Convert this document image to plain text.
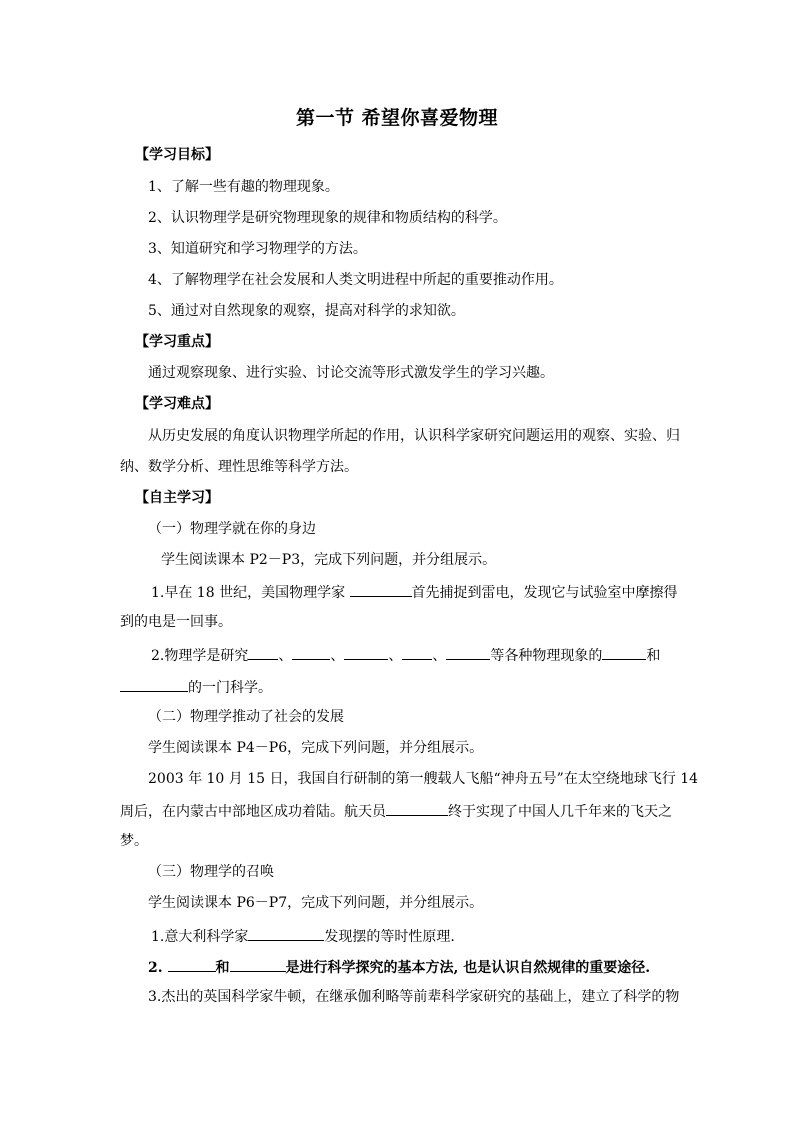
第一节 希望你喜爱物理
【学习目标】
1、了解一些有趣的物理现象。
2、认识物理学是研究物理现象的规律和物质结构的科学。
3、知道研究和学习物理学的方法。
4、了解物理学在社会发展和人类文明进程中所起的重要推动作用。
5、通过对自然现象的观察，提高对科学的求知欲。
【学习重点】
通过观察现象、进行实验、讨论交流等形式激发学生的学习兴趣。
【学习难点】
从历史发展的角度认识物理学所起的作用，认识科学家研究问题运用的观察、实验、归
纳、数学分析、理性思维等科学方法。
【自主学习】
（一）物理学就在你的身边
学生阅读课本 P2－P3，完成下列问题，并分组展示。
1.早在 18 世纪，美国物理学家	首先捕捉到雷电，发现它与试验室中摩擦得
到的电是一回事。
2.物理学是研究 、	、	、 、	等各种物理现象的	和
的一门科学。
（二）物理学推动了社会的发展
学生阅读课本 P4－P6，完成下列问题，并分组展示。
2003 年 10 月 15 日，我国自行研制的第一艘载人飞船“神舟五号”在太空绕地球飞行 14
周后，在内蒙古中部地区成功着陆。航天员	终于实现了中国人几千年来的飞天之
梦。
（三）物理学的召唤
学生阅读课本 P6－P7，完成下列问题，并分组展示。
1.意大利科学家	发现摆的等时性原理.
2.	和	是进行科学探究的基本方法, 也是认识自然规律的重要途径.
3.杰出的英国科学家牛顿，在继承伽利略等前辈科学家研究的基础上，建立了科学的物
